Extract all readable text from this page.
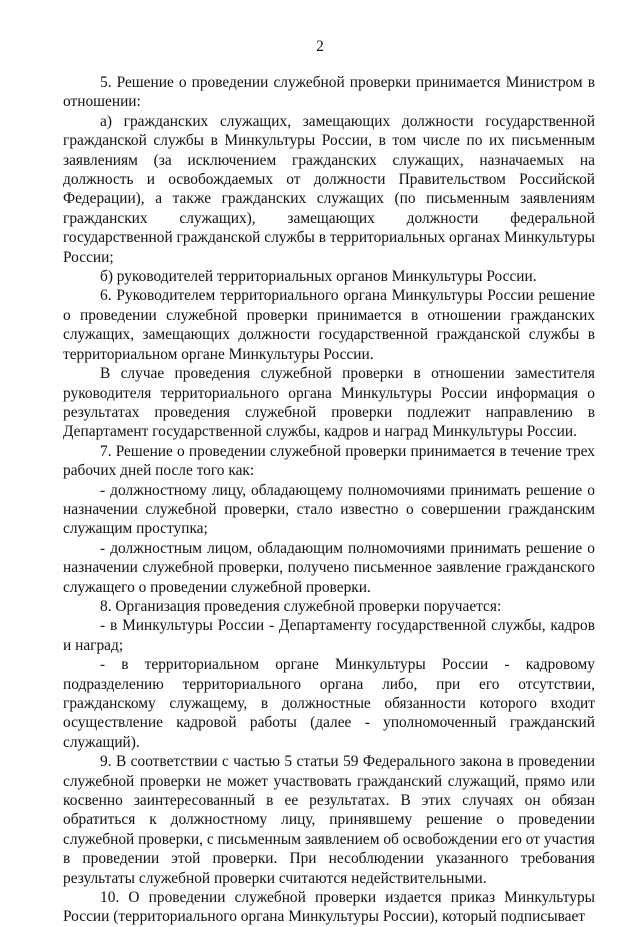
2

5. Решение о проведении служебной проверки принимается Министром в отношении:

а) гражданских служащих, замещающих должности государственной гражданской службы в Минкультуры России, в том числе по их письменным заявлениям (за исключением гражданских служащих, назначаемых на должность и освобождаемых от должности Правительством Российской Федерации), а также гражданских служащих (по письменным заявлениям гражданских служащих), замещающих должности федеральной государственной гражданской службы в территориальных органах Минкультуры России;

б) руководителей территориальных органов Минкультуры России.

6. Руководителем территориального органа Минкультуры России решение о проведении служебной проверки принимается в отношении гражданских служащих, замещающих должности государственной гражданской службы в территориальном органе Минкультуры России.

В случае проведения служебной проверки в отношении заместителя руководителя территориального органа Минкультуры России информация о результатах проведения служебной проверки подлежит направлению в Департамент государственной службы, кадров и наград Минкультуры России.

7. Решение о проведении служебной проверки принимается в течение трех рабочих дней после того как:

- должностному лицу, обладающему полномочиями принимать решение о назначении служебной проверки, стало известно о совершении гражданским служащим проступка;

- должностным лицом, обладающим полномочиями принимать решение о назначении служебной проверки, получено письменное заявление гражданского служащего о проведении служебной проверки.

8. Организация проведения служебной проверки поручается:

- в Минкультуры России - Департаменту государственной службы, кадров и наград;

- в территориальном органе Минкультуры России - кадровому подразделению территориального органа либо, при его отсутствии, гражданскому служащему, в должностные обязанности которого входит осуществление кадровой работы (далее - уполномоченный гражданский служащий).

9. В соответствии с частью 5 статьи 59 Федерального закона в проведении служебной проверки не может участвовать гражданский служащий, прямо или косвенно заинтересованный в ее результатах. В этих случаях он обязан обратиться к должностному лицу, принявшему решение о проведении служебной проверки, с письменным заявлением об освобождении его от участия в проведении этой проверки. При несоблюдении указанного требования результаты служебной проверки считаются недействительными.

10. О проведении служебной проверки издается приказ Минкультуры России (территориального органа Минкультуры России), который подписывает
